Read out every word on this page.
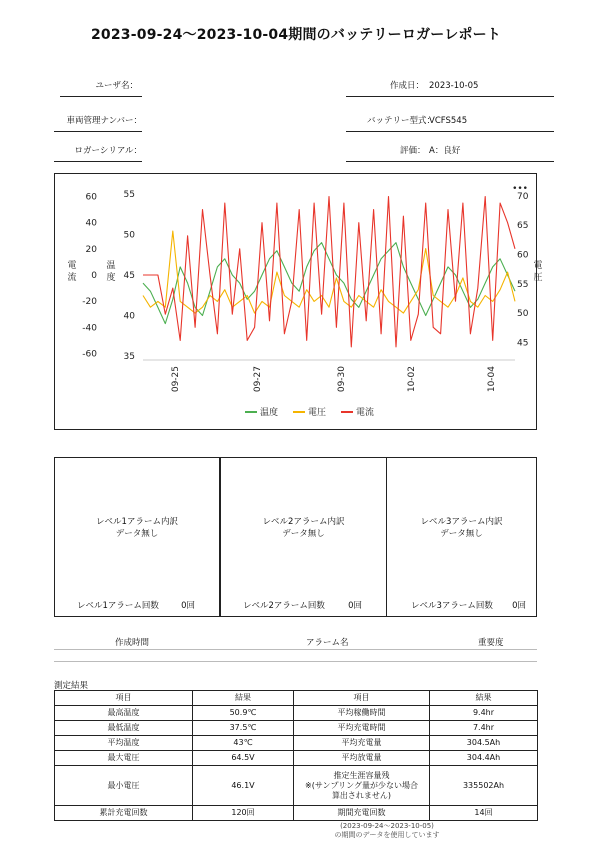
2023-09-24～2023-10-04期間のバッテリーロガーレポート
ユーザ名：
車両管理ナンバー：
ロガーシリアル：
作成日： 2023-10-05
バッテリー型式：
VCFS545
評価： A：良好
60
40
20
0
-20
-40
-60
55
50
45
40
35
70
65
60
55
50
45
•••
電流
温度
電圧
09-25	09-27	09-30	10-02	10-04
温度	電圧	電流
レベル1アラーム内訳
データ無し
レベル1アラーム回数	0回
レベル2アラーム内訳
データ無し
レベル2アラーム回数	0回
レベル3アラーム内訳
データ無し
レベル3アラーム回数 0回
作成時間	アラーム名	重要度
測定結果
項目	結果	項目	結果
最高温度	50.9℃	平均稼働時間	9.4hr
最低温度	37.5℃	平均充電時間	7.4hr
平均温度	43℃	平均充電量	304.5Ah
最大電圧	64.5V	平均放電量	304.4Ah
最小電圧	46.1V	推定生涯容量残
※(サンプリング量が少ない場合
算出されません)	335502Ah
累計充電回数	120回	期間充電回数	14回
(2023-09-24～2023-10-05)
の期間のデータを使用しています
